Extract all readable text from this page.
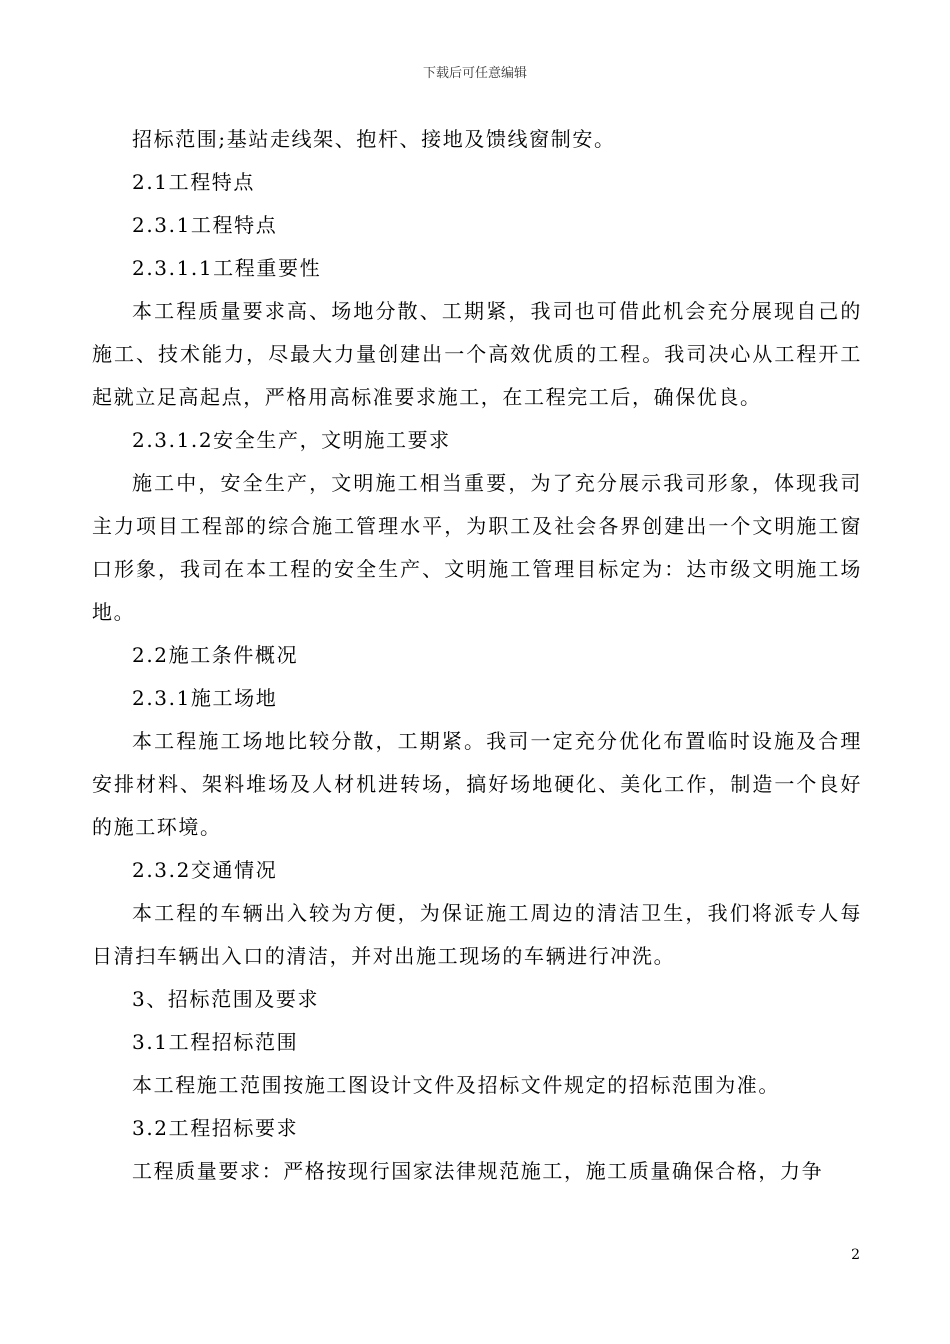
下载后可任意编辑

招标范围;基站走线架、抱杆、接地及馈线窗制安。

2.1工程特点

2.3.1工程特点

2.3.1.1工程重要性

本工程质量要求高、场地分散、工期紧，我司也可借此机会充分展现自己的施工、技术能力，尽最大力量创建出一个高效优质的工程。我司决心从工程开工起就立足高起点，严格用高标准要求施工，在工程完工后，确保优良。

2.3.1.2安全生产，文明施工要求

施工中，安全生产，文明施工相当重要，为了充分展示我司形象，体现我司主力项目工程部的综合施工管理水平，为职工及社会各界创建出一个文明施工窗口形象，我司在本工程的安全生产、文明施工管理目标定为：达市级文明施工场地。

2.2施工条件概况

2.3.1施工场地

本工程施工场地比较分散，工期紧。我司一定充分优化布置临时设施及合理安排材料、架料堆场及人材机进转场，搞好场地硬化、美化工作，制造一个良好的施工环境。

2.3.2交通情况

本工程的车辆出入较为方便，为保证施工周边的清洁卫生，我们将派专人每日清扫车辆出入口的清洁，并对出施工现场的车辆进行冲洗。

3、招标范围及要求

3.1工程招标范围

本工程施工范围按施工图设计文件及招标文件规定的招标范围为准。

3.2工程招标要求

工程质量要求：严格按现行国家法律规范施工，施工质量确保合格，力争

2
